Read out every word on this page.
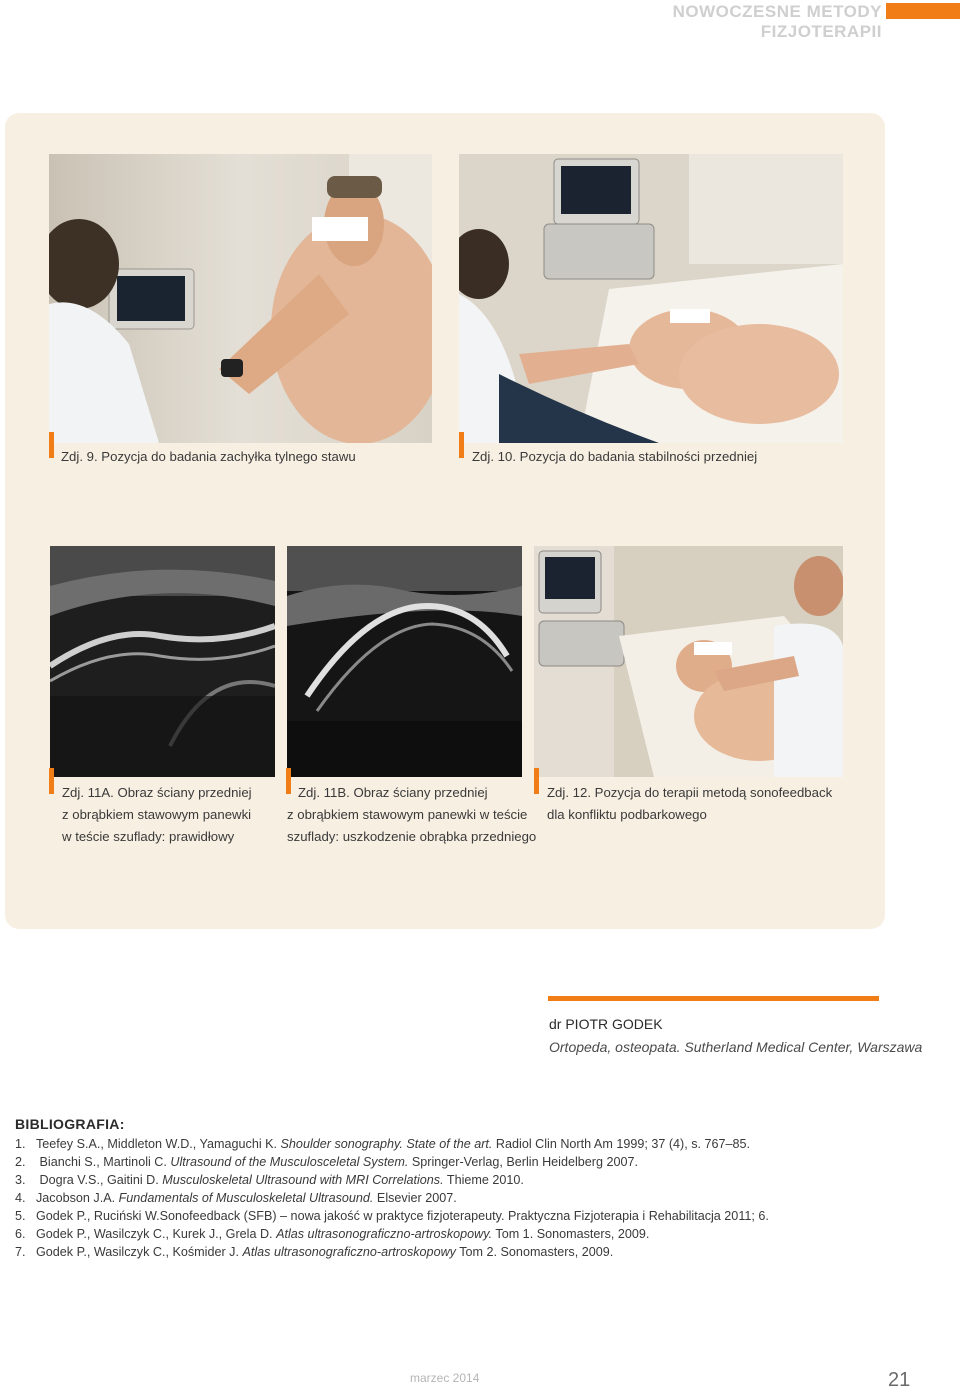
NOWOCZESNE METODY FIZJOTERAPII
Zdj. 9. Pozycja do badania zachyłka tylnego stawu	Zdj. 10. Pozycja do badania stabilności przedniej
Zdj. 11A. Obraz ściany przedniej
z obrąbkiem stawowym panewki
w teście szuflady: prawidłowy
Zdj. 11B. Obraz ściany przedniej
z obrąbkiem stawowym panewki w teście
szuflady: uszkodzenie obrąbka przedniego
Zdj. 12. Pozycja do terapii metodą sonofeedback
dla konfliktu podbarkowego
dr PIOTR GODEK
Ortopeda, osteopata. Sutherland Medical Center, Warszawa
BIBLIOGRAFIA:
1. Teefey S.A., Middleton W.D., Yamaguchi K. Shoulder sonography. State of the art. Radiol Clin North Am 1999; 37 (4), s. 767–85.
2. Bianchi S., Martinoli C. Ultrasound of the Musculosceletal System. Springer-Verlag, Berlin Heidelberg 2007.
3. Dogra V.S., Gaitini D. Musculoskeletal Ultrasound with MRI Correlations. Thieme 2010.
4. Jacobson J.A. Fundamentals of Musculoskeletal Ultrasound. Elsevier 2007.
5. Godek P., Ruciński W.Sonofeedback (SFB) – nowa jakość w praktyce fizjoterapeuty. Praktyczna Fizjoterapia i Rehabilitacja 2011; 6.
6. Godek P., Wasilczyk C., Kurek J., Grela D. Atlas ultrasonograficzno-artroskopowy. Tom 1. Sonomasters, 2009.
7. Godek P., Wasilczyk C., Kośmider J. Atlas ultrasonograficzno-artroskopowy Tom 2. Sonomasters, 2009.
marzec 2014	21
